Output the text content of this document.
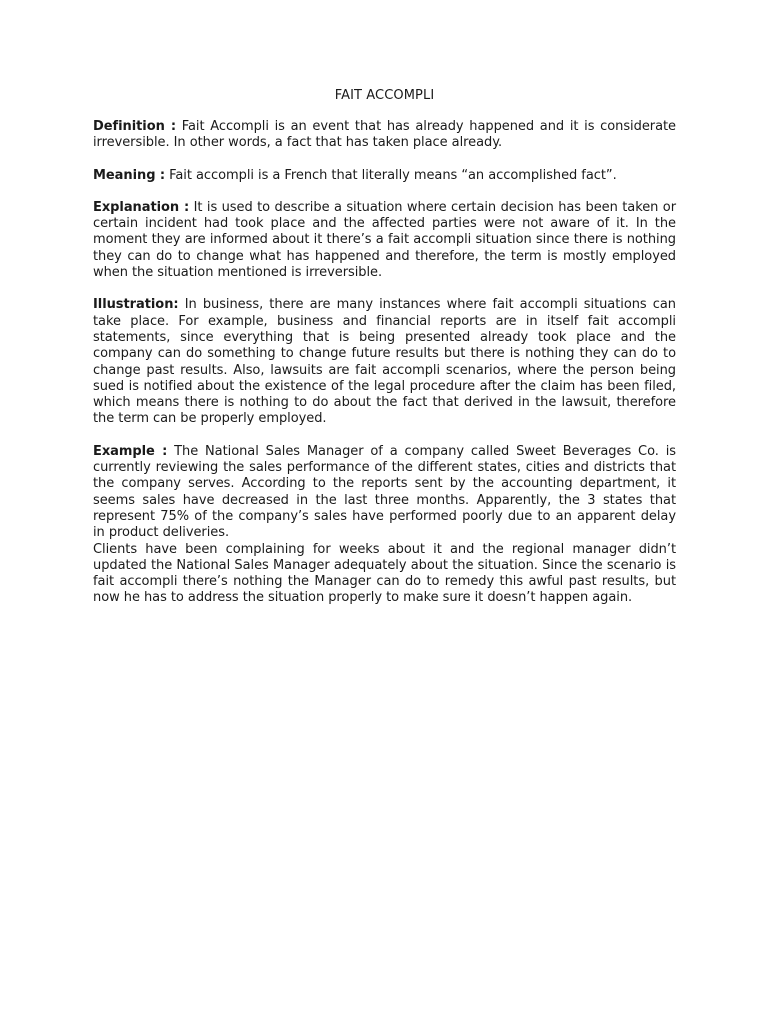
FAIT ACCOMPLI

Definition : Fait Accompli is an event that has already happened and it is considerate irreversible. In other words, a fact that has taken place already.

Meaning : Fait accompli is a French that literally means “an accomplished fact”.

Explanation : It is used to describe a situation where certain decision has been taken or certain incident had took place and the affected parties were not aware of it. In the moment they are informed about it there’s a fait accompli situation since there is nothing they can do to change what has happened and therefore, the term is mostly employed when the situation mentioned is irreversible.

Illustration: In business, there are many instances where fait accompli situations can take place. For example, business and financial reports are in itself fait accompli statements, since everything that is being presented already took place and the company can do something to change future results but there is nothing they can do to change past results. Also, lawsuits are fait accompli scenarios, where the person being sued is notified about the existence of the legal procedure after the claim has been filed, which means there is nothing to do about the fact that derived in the lawsuit, therefore the term can be properly employed.

Example : The National Sales Manager of a company called Sweet Beverages Co. is currently reviewing the sales performance of the different states, cities and districts that the company serves. According to the reports sent by the accounting department, it seems sales have decreased in the last three months. Apparently, the 3 states that represent 75% of the company’s sales have performed poorly due to an apparent delay in product deliveries.

Clients have been complaining for weeks about it and the regional manager didn’t updated the National Sales Manager adequately about the situation. Since the scenario is fait accompli there’s nothing the Manager can do to remedy this awful past results, but now he has to address the situation properly to make sure it doesn’t happen again.
